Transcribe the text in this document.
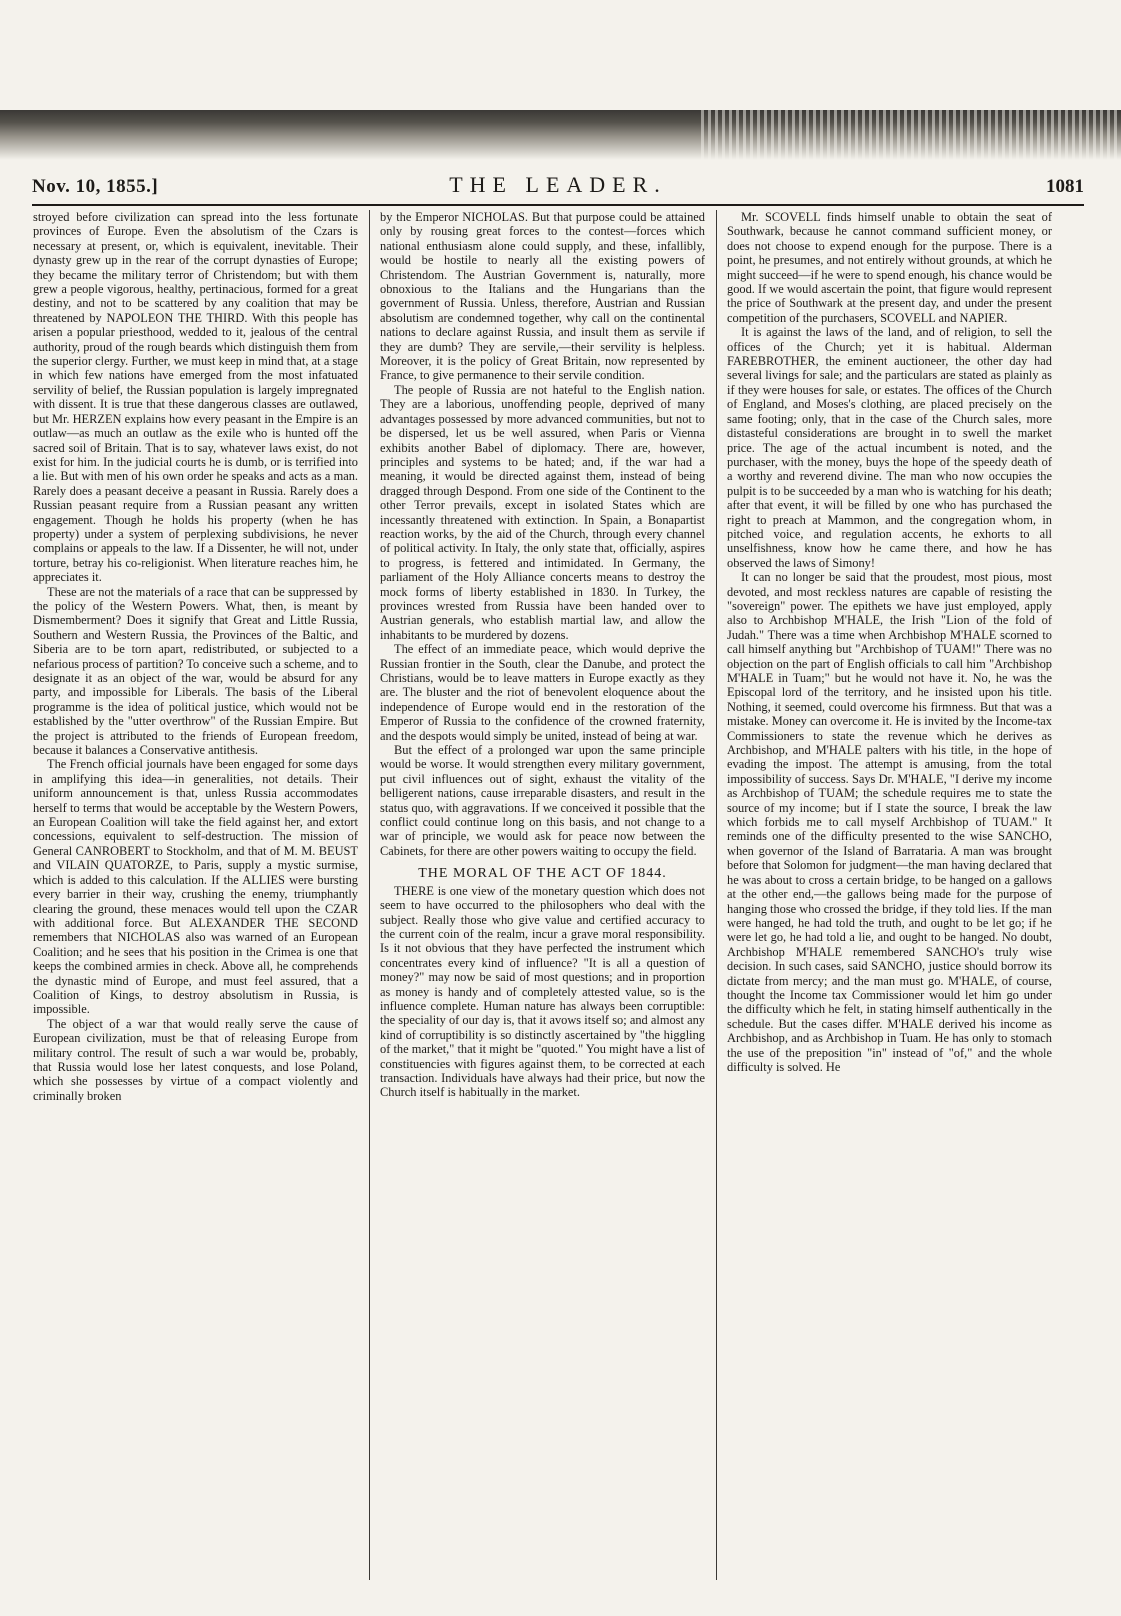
Nov. 10, 1855.]	THE LEADER.	1081

stroyed before civilization can spread into the less fortunate provinces of Europe. Even the absolutism of the Czars is necessary at present, or, which is equivalent, inevitable. Their dynasty grew up in the rear of the corrupt dynasties of Europe; they became the military terror of Christendom; but with them grew a people vigorous, healthy, pertinacious, formed for a great destiny, and not to be scattered by any coalition that may be threatened by NAPOLEON THE THIRD. With this people has arisen a popular priesthood, wedded to it, jealous of the central authority, proud of the rough beards which distinguish them from the superior clergy. Further, we must keep in mind that, at a stage in which few nations have emerged from the most infatuated servility of belief, the Russian population is largely impregnated with dissent. It is true that these dangerous classes are outlawed, but Mr. HERZEN explains how every peasant in the Empire is an outlaw—as much an outlaw as the exile who is hunted off the sacred soil of Britain. That is to say, whatever laws exist, do not exist for him. In the judicial courts he is dumb, or is terrified into a lie. But with men of his own order he speaks and acts as a man. Rarely does a peasant deceive a peasant in Russia. Rarely does a Russian peasant require from a Russian peasant any written engagement. Though he holds his property (when he has property) under a system of perplexing subdivisions, he never complains or appeals to the law. If a Dissenter, he will not, under torture, betray his co-religionist. When literature reaches him, he appreciates it.

These are not the materials of a race that can be suppressed by the policy of the Western Powers. What, then, is meant by Dismemberment? Does it signify that Great and Little Russia, Southern and Western Russia, the Provinces of the Baltic, and Siberia are to be torn apart, redistributed, or subjected to a nefarious process of partition? To conceive such a scheme, and to designate it as an object of the war, would be absurd for any party, and impossible for Liberals. The basis of the Liberal programme is the idea of political justice, which would not be established by the "utter overthrow" of the Russian Empire. But the project is attributed to the friends of European freedom, because it balances a Conservative antithesis.

The French official journals have been engaged for some days in amplifying this idea—in generalities, not details. Their uniform announcement is that, unless Russia accommodates herself to terms that would be acceptable by the Western Powers, an European Coalition will take the field against her, and extort concessions, equivalent to self-destruction. The mission of General CANROBERT to Stockholm, and that of M. M. BEUST and VILAIN QUATORZE, to Paris, supply a mystic surmise, which is added to this calculation. If the ALLIES were bursting every barrier in their way, crushing the enemy, triumphantly clearing the ground, these menaces would tell upon the CZAR with additional force. But ALEXANDER THE SECOND remembers that NICHOLAS also was warned of an European Coalition; and he sees that his position in the Crimea is one that keeps the combined armies in check. Above all, he comprehends the dynastic mind of Europe, and must feel assured, that a Coalition of Kings, to destroy absolutism in Russia, is impossible.

The object of a war that would really serve the cause of European civilization, must be that of releasing Europe from military control. The result of such a war would be, probably, that Russia would lose her latest conquests, and lose Poland, which she possesses by virtue of a compact violently and criminally broken

by the Emperor NICHOLAS. But that purpose could be attained only by rousing great forces to the contest—forces which national enthusiasm alone could supply, and these, infallibly, would be hostile to nearly all the existing powers of Christendom. The Austrian Government is, naturally, more obnoxious to the Italians and the Hungarians than the government of Russia. Unless, therefore, Austrian and Russian absolutism are condemned together, why call on the continental nations to declare against Russia, and insult them as servile if they are dumb? They are servile,—their servility is helpless. Moreover, it is the policy of Great Britain, now represented by France, to give permanence to their servile condition.

The people of Russia are not hateful to the English nation. They are a laborious, unoffending people, deprived of many advantages possessed by more advanced communities, but not to be dispersed, let us be well assured, when Paris or Vienna exhibits another Babel of diplomacy. There are, however, principles and systems to be hated; and, if the war had a meaning, it would be directed against them, instead of being dragged through Despond. From one side of the Continent to the other Terror prevails, except in isolated States which are incessantly threatened with extinction. In Spain, a Bonapartist reaction works, by the aid of the Church, through every channel of political activity. In Italy, the only state that, officially, aspires to progress, is fettered and intimidated. In Germany, the parliament of the Holy Alliance concerts means to destroy the mock forms of liberty established in 1830. In Turkey, the provinces wrested from Russia have been handed over to Austrian generals, who establish martial law, and allow the inhabitants to be murdered by dozens.

The effect of an immediate peace, which would deprive the Russian frontier in the South, clear the Danube, and protect the Christians, would be to leave matters in Europe exactly as they are. The bluster and the riot of benevolent eloquence about the independence of Europe would end in the restoration of the Emperor of Russia to the confidence of the crowned fraternity, and the despots would simply be united, instead of being at war.

But the effect of a prolonged war upon the same principle would be worse. It would strengthen every military government, put civil influences out of sight, exhaust the vitality of the belligerent nations, cause irreparable disasters, and result in the status quo, with aggravations. If we conceived it possible that the conflict could continue long on this basis, and not change to a war of principle, we would ask for peace now between the Cabinets, for there are other powers waiting to occupy the field.

THE MORAL OF THE ACT OF 1844.

THERE is one view of the monetary question which does not seem to have occurred to the philosophers who deal with the subject. Really those who give value and certified accuracy to the current coin of the realm, incur a grave moral responsibility. Is it not obvious that they have perfected the instrument which concentrates every kind of influence? "It is all a question of money?" may now be said of most questions; and in proportion as money is handy and of completely attested value, so is the influence complete. Human nature has always been corruptible: the speciality of our day is, that it avows itself so; and almost any kind of corruptibility is so distinctly ascertained by "the higgling of the market," that it might be "quoted." You might have a list of constituencies with figures against them, to be corrected at each transaction. Individuals have always had their price, but now the Church itself is habitually in the market.

Mr. SCOVELL finds himself unable to obtain the seat of Southwark, because he cannot command sufficient money, or does not choose to expend enough for the purpose. There is a point, he presumes, and not entirely without grounds, at which he might succeed—if he were to spend enough, his chance would be good. If we would ascertain the point, that figure would represent the price of Southwark at the present day, and under the present competition of the purchasers, SCOVELL and NAPIER.

It is against the laws of the land, and of religion, to sell the offices of the Church; yet it is habitual. Alderman FAREBROTHER, the eminent auctioneer, the other day had several livings for sale; and the particulars are stated as plainly as if they were houses for sale, or estates. The offices of the Church of England, and Moses's clothing, are placed precisely on the same footing; only, that in the case of the Church sales, more distasteful considerations are brought in to swell the market price. The age of the actual incumbent is noted, and the purchaser, with the money, buys the hope of the speedy death of a worthy and reverend divine. The man who now occupies the pulpit is to be succeeded by a man who is watching for his death; after that event, it will be filled by one who has purchased the right to preach at Mammon, and the congregation whom, in pitched voice, and regulation accents, he exhorts to all unselfishness, know how he came there, and how he has observed the laws of Simony!

It can no longer be said that the proudest, most pious, most devoted, and most reckless natures are capable of resisting the "sovereign" power. The epithets we have just employed, apply also to Archbishop M'HALE, the Irish "Lion of the fold of Judah." There was a time when Archbishop M'HALE scorned to call himself anything but "Archbishop of TUAM!" There was no objection on the part of English officials to call him "Archbishop M'HALE in Tuam;" but he would not have it. No, he was the Episcopal lord of the territory, and he insisted upon his title. Nothing, it seemed, could overcome his firmness. But that was a mistake. Money can overcome it. He is invited by the Income-tax Commissioners to state the revenue which he derives as Archbishop, and M'HALE palters with his title, in the hope of evading the impost. The attempt is amusing, from the total impossibility of success. Says Dr. M'HALE, "I derive my income as Archbishop of TUAM; the schedule requires me to state the source of my income; but if I state the source, I break the law which forbids me to call myself Archbishop of TUAM." It reminds one of the difficulty presented to the wise SANCHO, when governor of the Island of Barrataria. A man was brought before that Solomon for judgment—the man having declared that he was about to cross a certain bridge, to be hanged on a gallows at the other end,—the gallows being made for the purpose of hanging those who crossed the bridge, if they told lies. If the man were hanged, he had told the truth, and ought to be let go; if he were let go, he had told a lie, and ought to be hanged. No doubt, Archbishop M'HALE remembered SANCHO's truly wise decision. In such cases, said SANCHO, justice should borrow its dictate from mercy; and the man must go. M'HALE, of course, thought the Income tax Commissioner would let him go under the difficulty which he felt, in stating himself authentically in the schedule. But the cases differ. M'HALE derived his income as Archbishop, and as Archbishop in Tuam. He has only to stomach the use of the preposition "in" instead of "of," and the whole difficulty is solved. He
